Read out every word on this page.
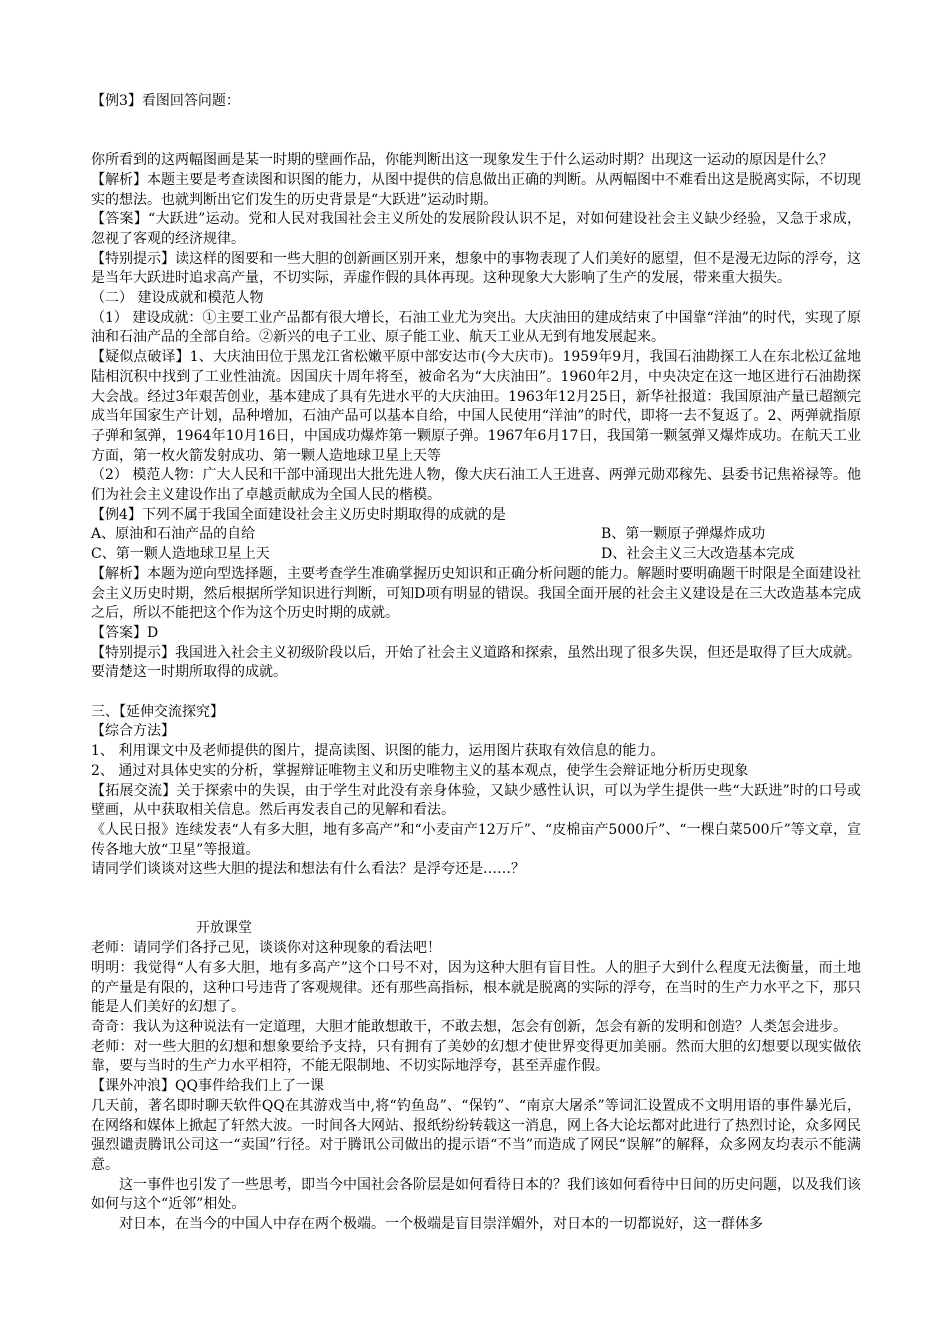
【例3】看图回答问题：

你所看到的这两幅图画是某一时期的壁画作品，你能判断出这一现象发生于什么运动时期？出现这一运动的原因是什么？

【解析】本题主要是考查读图和识图的能力，从图中提供的信息做出正确的判断。从两幅图中不难看出这是脱离实际，不切现实的想法。也就判断出它们发生的历史背景是“大跃进”运动时期。

【答案】“大跃进”运动。党和人民对我国社会主义所处的发展阶段认识不足，对如何建设社会主义缺少经验，又急于求成，忽视了客观的经济规律。

【特别提示】读这样的图要和一些大胆的创新画区别开来，想象中的事物表现了人们美好的愿望，但不是漫无边际的浮夸，这是当年大跃进时追求高产量，不切实际，弄虚作假的具体再现。这种现象大大影响了生产的发展，带来重大损失。

（二） 建设成就和模范人物

（1） 建设成就：①主要工业产品都有很大增长，石油工业尤为突出。大庆油田的建成结束了中国靠“洋油”的时代，实现了原油和石油产品的全部自给。②新兴的电子工业、原子能工业、航天工业从无到有地发展起来。

【疑似点破译】1、大庆油田位于黑龙江省松嫩平原中部安达市(今大庆市)。1959年9月，我国石油勘探工人在东北松辽盆地陆相沉积中找到了工业性油流。因国庆十周年将至，被命名为“大庆油田”。1960年2月，中央决定在这一地区进行石油勘探大会战。经过3年艰苦创业，基本建成了具有先进水平的大庆油田。1963年12月25日，新华社报道：我国原油产量已超额完成当年国家生产计划，品种增加，石油产品可以基本自给，中国人民使用“洋油”的时代，即将一去不复返了。2、两弹就指原子弹和氢弹，1964年10月16日，中国成功爆炸第一颗原子弹。1967年6月17日，我国第一颗氢弹又爆炸成功。在航天工业方面，第一枚火箭发射成功、第一颗人造地球卫星上天等

（2） 模范人物：广大人民和干部中涌现出大批先进人物，像大庆石油工人王进喜、两弹元勋邓稼先、县委书记焦裕禄等。他们为社会主义建设作出了卓越贡献成为全国人民的楷模。

【例4】下列不属于我国全面建设社会主义历史时期取得的成就的是

A、原油和石油产品的自给	B、第一颗原子弹爆炸成功
C、第一颗人造地球卫星上天	D、社会主义三大改造基本完成

【解析】本题为逆向型选择题，主要考查学生准确掌握历史知识和正确分析问题的能力。解题时要明确题干时限是全面建设社会主义历史时期，然后根据所学知识进行判断，可知D项有明显的错误。我国全面开展的社会主义建设是在三大改造基本完成之后，所以不能把这个作为这个历史时期的成就。

【答案】D

【特别提示】我国进入社会主义初级阶段以后，开始了社会主义道路和探索，虽然出现了很多失误，但还是取得了巨大成就。要清楚这一时期所取得的成就。

三、【延伸交流探究】

【综合方法】

1、 利用课文中及老师提供的图片，提高读图、识图的能力，运用图片获取有效信息的能力。

2、 通过对具体史实的分析，掌握辩证唯物主义和历史唯物主义的基本观点，使学生会辩证地分析历史现象

【拓展交流】关于探索中的失误，由于学生对此没有亲身体验，又缺少感性认识，可以为学生提供一些“大跃进”时的口号或壁画，从中获取相关信息。然后再发表自己的见解和看法。

《人民日报》连续发表“人有多大胆，地有多高产”和“小麦亩产12万斤”、“皮棉亩产5000斤”、“一棵白菜500斤”等文章，宣传各地大放“卫星”等报道。

请同学们谈谈对这些大胆的提法和想法有什么看法？是浮夸还是……？

开放课堂

老师：请同学们各抒己见，谈谈你对这种现象的看法吧！

明明：我觉得“人有多大胆，地有多高产”这个口号不对，因为这种大胆有盲目性。人的胆子大到什么程度无法衡量，而土地的产量是有限的，这种口号违背了客观规律。还有那些高指标，根本就是脱离的实际的浮夸，在当时的生产力水平之下，那只能是人们美好的幻想了。

奇奇：我认为这种说法有一定道理，大胆才能敢想敢干，不敢去想，怎会有创新，怎会有新的发明和创造？人类怎会进步。

老师：对一些大胆的幻想和想象要给予支持，只有拥有了美妙的幻想才使世界变得更加美丽。然而大胆的幻想要以现实做依靠，要与当时的生产力水平相符，不能无限制地、不切实际地浮夸，甚至弄虚作假。

【课外冲浪】QQ事件给我们上了一课

几天前，著名即时聊天软件QQ在其游戏当中,将“钓鱼岛”、“保钓”、“南京大屠杀”等词汇设置成不文明用语的事件暴光后，在网络和媒体上掀起了轩然大波。一时间各大网站、报纸纷纷转载这一消息，网上各大论坛都对此进行了热烈讨论，众多网民强烈谴责腾讯公司这一“卖国”行径。对于腾讯公司做出的提示语“不当”而造成了网民“误解”的解释，众多网友均表示不能满意。

这一事件也引发了一些思考，即当今中国社会各阶层是如何看待日本的？我们该如何看待中日间的历史问题，以及我们该如何与这个“近邻”相处。

对日本，在当今的中国人中存在两个极端。一个极端是盲目崇洋媚外，对日本的一切都说好，这一群体多
